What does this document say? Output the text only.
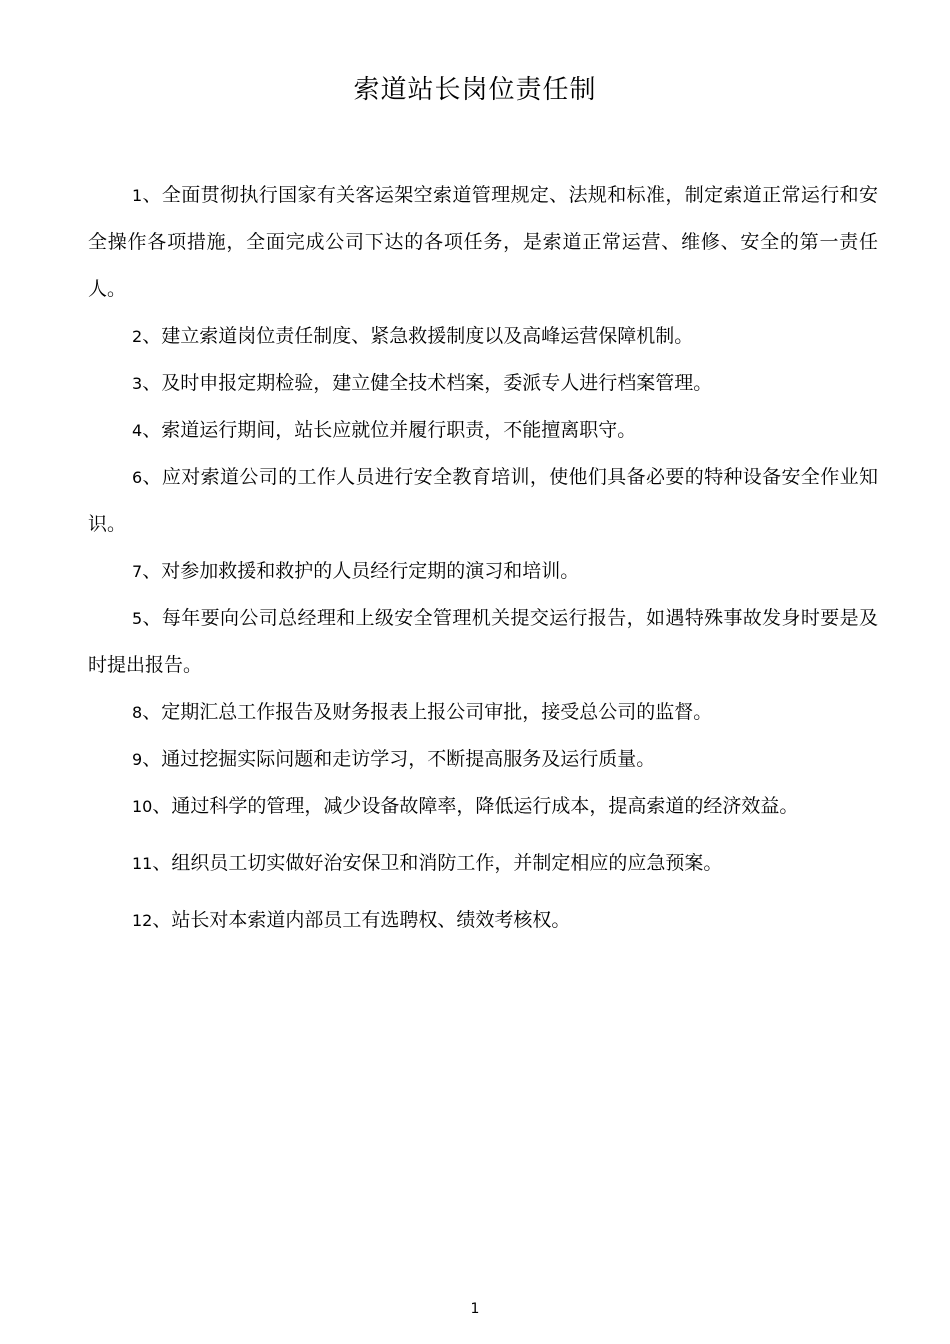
索道站长岗位责任制

1、全面贯彻执行国家有关客运架空索道管理规定、法规和标准，制定索道正常运行和安全操作各项措施，全面完成公司下达的各项任务，是索道正常运营、维修、安全的第一责任人。

2、建立索道岗位责任制度、紧急救援制度以及高峰运营保障机制。

3、及时申报定期检验，建立健全技术档案，委派专人进行档案管理。

4、索道运行期间，站长应就位并履行职责，不能擅离职守。

6、应对索道公司的工作人员进行安全教育培训，使他们具备必要的特种设备安全作业知识。

7、对参加救援和救护的人员经行定期的演习和培训。

5、每年要向公司总经理和上级安全管理机关提交运行报告，如遇特殊事故发身时要是及时提出报告。

8、定期汇总工作报告及财务报表上报公司审批，接受总公司的监督。

9、通过挖掘实际问题和走访学习，不断提高服务及运行质量。

10、通过科学的管理，减少设备故障率，降低运行成本，提高索道的经济效益。

11、组织员工切实做好治安保卫和消防工作，并制定相应的应急预案。

12、站长对本索道内部员工有选聘权、绩效考核权。

1
